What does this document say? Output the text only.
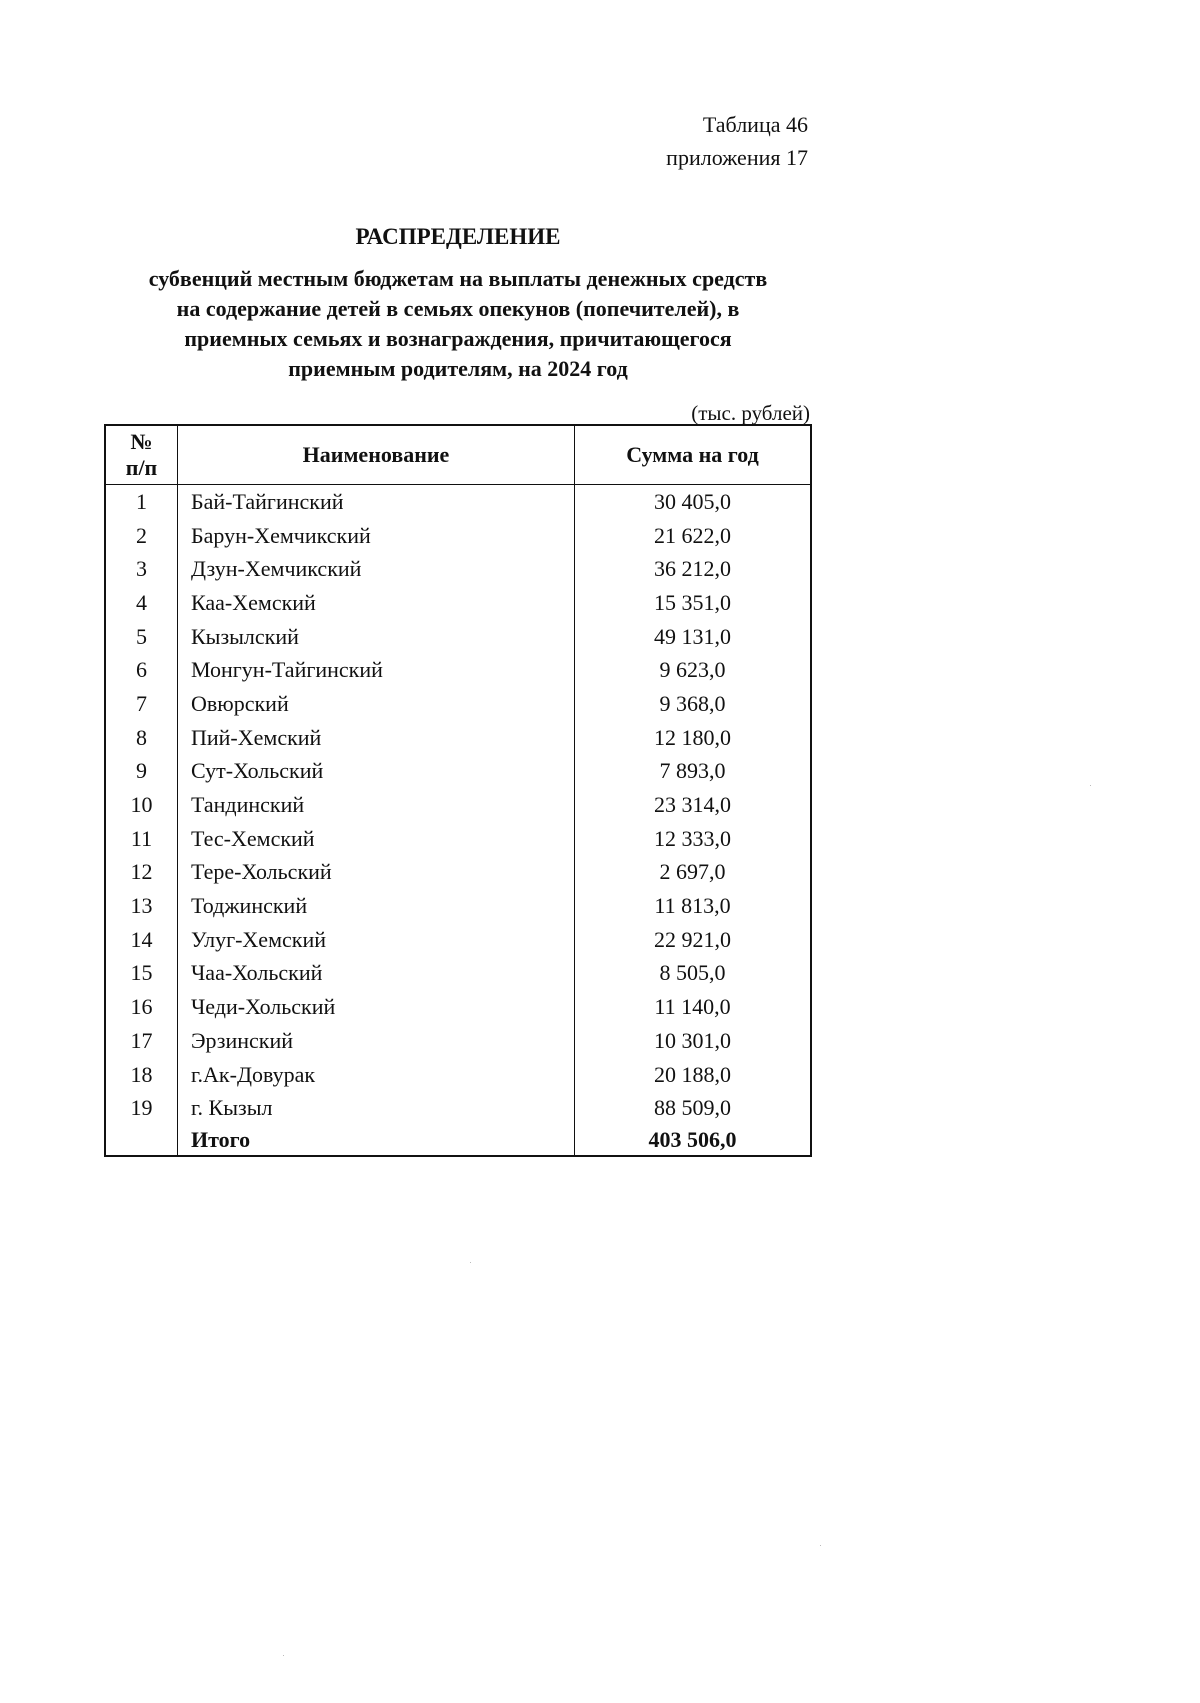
Таблица 46
приложения 17
РАСПРЕДЕЛЕНИЕ
субвенций местным бюджетам на выплаты денежных средств
на содержание детей в семьях опекунов (попечителей), в
приемных семьях и вознаграждения, причитающегося
приемным родителям, на 2024 год
(тыс. рублей)
№
п/п	Наименование	Сумма на год
1	Бай-Тайгинский	30 405,0
2	Барун-Хемчикский	21 622,0
3	Дзун-Хемчикский	36 212,0
4	Каа-Хемский	15 351,0
5	Кызылский	49 131,0
6	Монгун-Тайгинский	9 623,0
7	Овюрский	9 368,0
8	Пий-Хемский	12 180,0
9	Сут-Хольский	7 893,0
10	Тандинский	23 314,0
11	Тес-Хемский	12 333,0
12	Тере-Хольский	2 697,0
13	Тоджинский	11 813,0
14	Улуг-Хемский	22 921,0
15	Чаа-Хольский	8 505,0
16	Чеди-Хольский	11 140,0
17	Эрзинский	10 301,0
18	г.Ак-Довурак	20 188,0
19	г. Кызыл	88 509,0
	Итого	403 506,0
